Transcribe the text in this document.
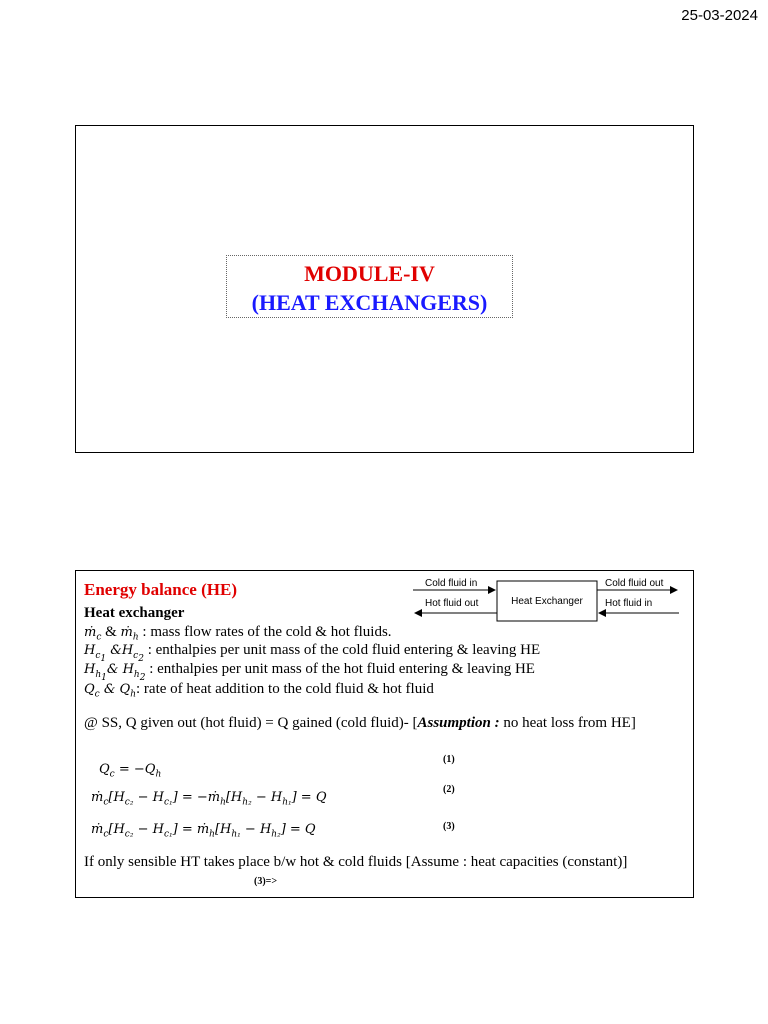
25-03-2024
MODULE-IV
(HEAT EXCHANGERS)
Energy balance (HE)
Heat exchanger
Heat Exchanger
Cold fluid in
Hot fluid out
Cold fluid out
Hot fluid in
ṁ$_c$ & ṁ$_h$ : mass flow rates of the cold & hot fluids.
$H_{c_1}$ $\&H_{c_2}$ : enthalpies per unit mass of the cold fluid entering & leaving HE
$H_{h_1}\&$ $H_{h_2}$ : enthalpies per unit mass of the hot fluid entering & leaving HE
$Q_c$ & $Q_h$: rate of heat addition to the cold fluid & hot fluid
@ SS, Q given out (hot fluid) = Q gained (cold fluid)- [Assumption : no heat loss from HE]
$Q_c = -Q_h$
$ṁ_c[H_{c_2} - H_{c_1}]$ = $-ṁ_h[H_{h_2} - H_{h_1}] = Q$
$ṁ_c[H_{c_2} - H_{c_1}]$ = $ṁ_h[H_{h_1} - H_{h_2}] = Q$
(1)
(2)
(3)
If only sensible HT takes place b/w hot & cold fluids [Assume : heat capacities (constant)]
(3)=>
